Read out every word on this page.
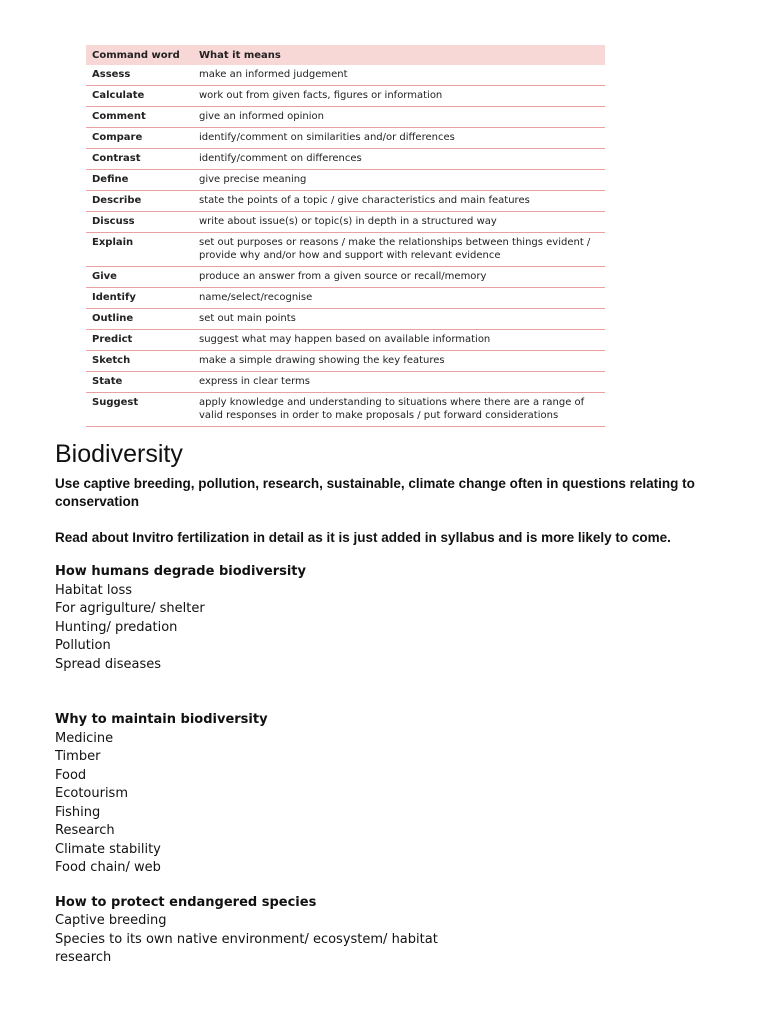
Command word	What it means
Assess	make an informed judgement
Calculate	work out from given facts, figures or information
Comment	give an informed opinion
Compare	identify/comment on similarities and/or differences
Contrast	identify/comment on differences
Define	give precise meaning
Describe	state the points of a topic / give characteristics and main features
Discuss	write about issue(s) or topic(s) in depth in a structured way
Explain	set out purposes or reasons / make the relationships between things evident / provide why and/or how and support with relevant evidence
Give	produce an answer from a given source or recall/memory
Identify	name/select/recognise
Outline	set out main points
Predict	suggest what may happen based on available information
Sketch	make a simple drawing showing the key features
State	express in clear terms
Suggest	apply knowledge and understanding to situations where there are a range of valid responses in order to make proposals / put forward considerations
Biodiversity

Use captive breeding, pollution, research, sustainable, climate change often in questions relating to conservation

Read about Invitro fertilization in detail as it is just added in syllabus and is more likely to come.

How humans degrade biodiversity
Habitat loss
For agrigulture/ shelter
Hunting/ predation
Pollution
Spread diseases
Why to maintain biodiversity
Medicine
Timber
Food
Ecotourism
Fishing
Research
Climate stability
Food chain/ web
How to protect endangered species
Captive breeding
Species to its own native environment/ ecosystem/ habitat
research
